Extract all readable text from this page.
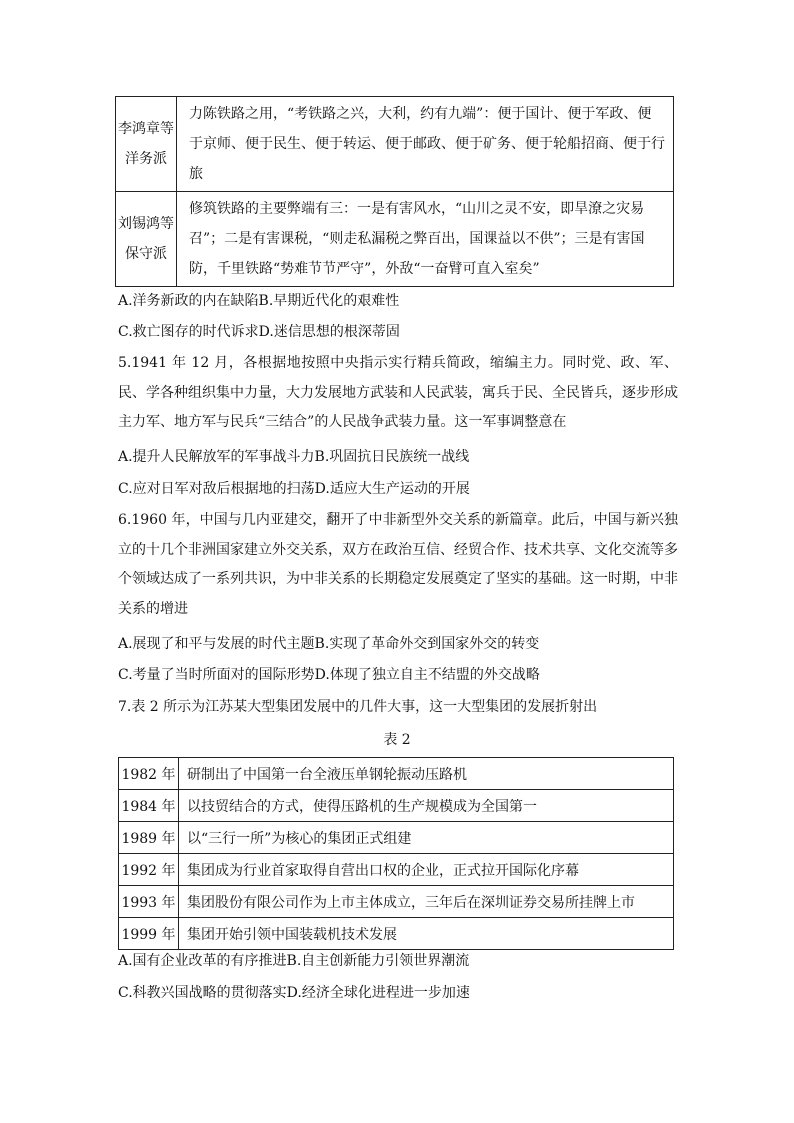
李鸿章等洋务派	力陈铁路之用，“考铁路之兴，大利，约有九端”：便于国计、便于军政、便于京师、便于民生、便于转运、便于邮政、便于矿务、便于轮船招商、便于行旅
刘锡鸿等保守派	修筑铁路的主要弊端有三：一是有害风水，“山川之灵不安，即旱潦之灾易召”；二是有害课税，“则走私漏税之弊百出，国课益以不供”；三是有害国防，千里铁路“势难节节严守”，外敌“一奋臂可直入室矣”
A.洋务新政的内在缺陷B.早期近代化的艰难性
C.救亡图存的时代诉求D.迷信思想的根深蒂固

5.1941 年 12 月，各根据地按照中央指示实行精兵简政，缩编主力。同时党、政、军、民、学各种组织集中力量，大力发展地方武装和人民武装，寓兵于民、全民皆兵，逐步形成主力军、地方军与民兵“三结合”的人民战争武装力量。这一军事调整意在

A.提升人民解放军的军事战斗力B.巩固抗日民族统一战线
C.应对日军对敌后根据地的扫荡D.适应大生产运动的开展

6.1960 年，中国与几内亚建交，翻开了中非新型外交关系的新篇章。此后，中国与新兴独立的十几个非洲国家建立外交关系，双方在政治互信、经贸合作、技术共享、文化交流等多个领域达成了一系列共识，为中非关系的长期稳定发展奠定了坚实的基础。这一时期，中非关系的增进

A.展现了和平与发展的时代主题B.实现了革命外交到国家外交的转变
C.考量了当时所面对的国际形势D.体现了独立自主不结盟的外交战略
7.表 2 所示为江苏某大型集团发展中的几件大事，这一大型集团的发展折射出
表 2
1982 年	研制出了中国第一台全液压单钢轮振动压路机
1984 年	以技贸结合的方式，使得压路机的生产规模成为全国第一
1989 年	以“三行一所”为核心的集团正式组建
1992 年	集团成为行业首家取得自营出口权的企业，正式拉开国际化序幕
1993 年	集团股份有限公司作为上市主体成立，三年后在深圳证券交易所挂牌上市
1999 年	集团开始引领中国装载机技术发展
A.国有企业改革的有序推进B.自主创新能力引领世界潮流
C.科教兴国战略的贯彻落实D.经济全球化进程进一步加速
